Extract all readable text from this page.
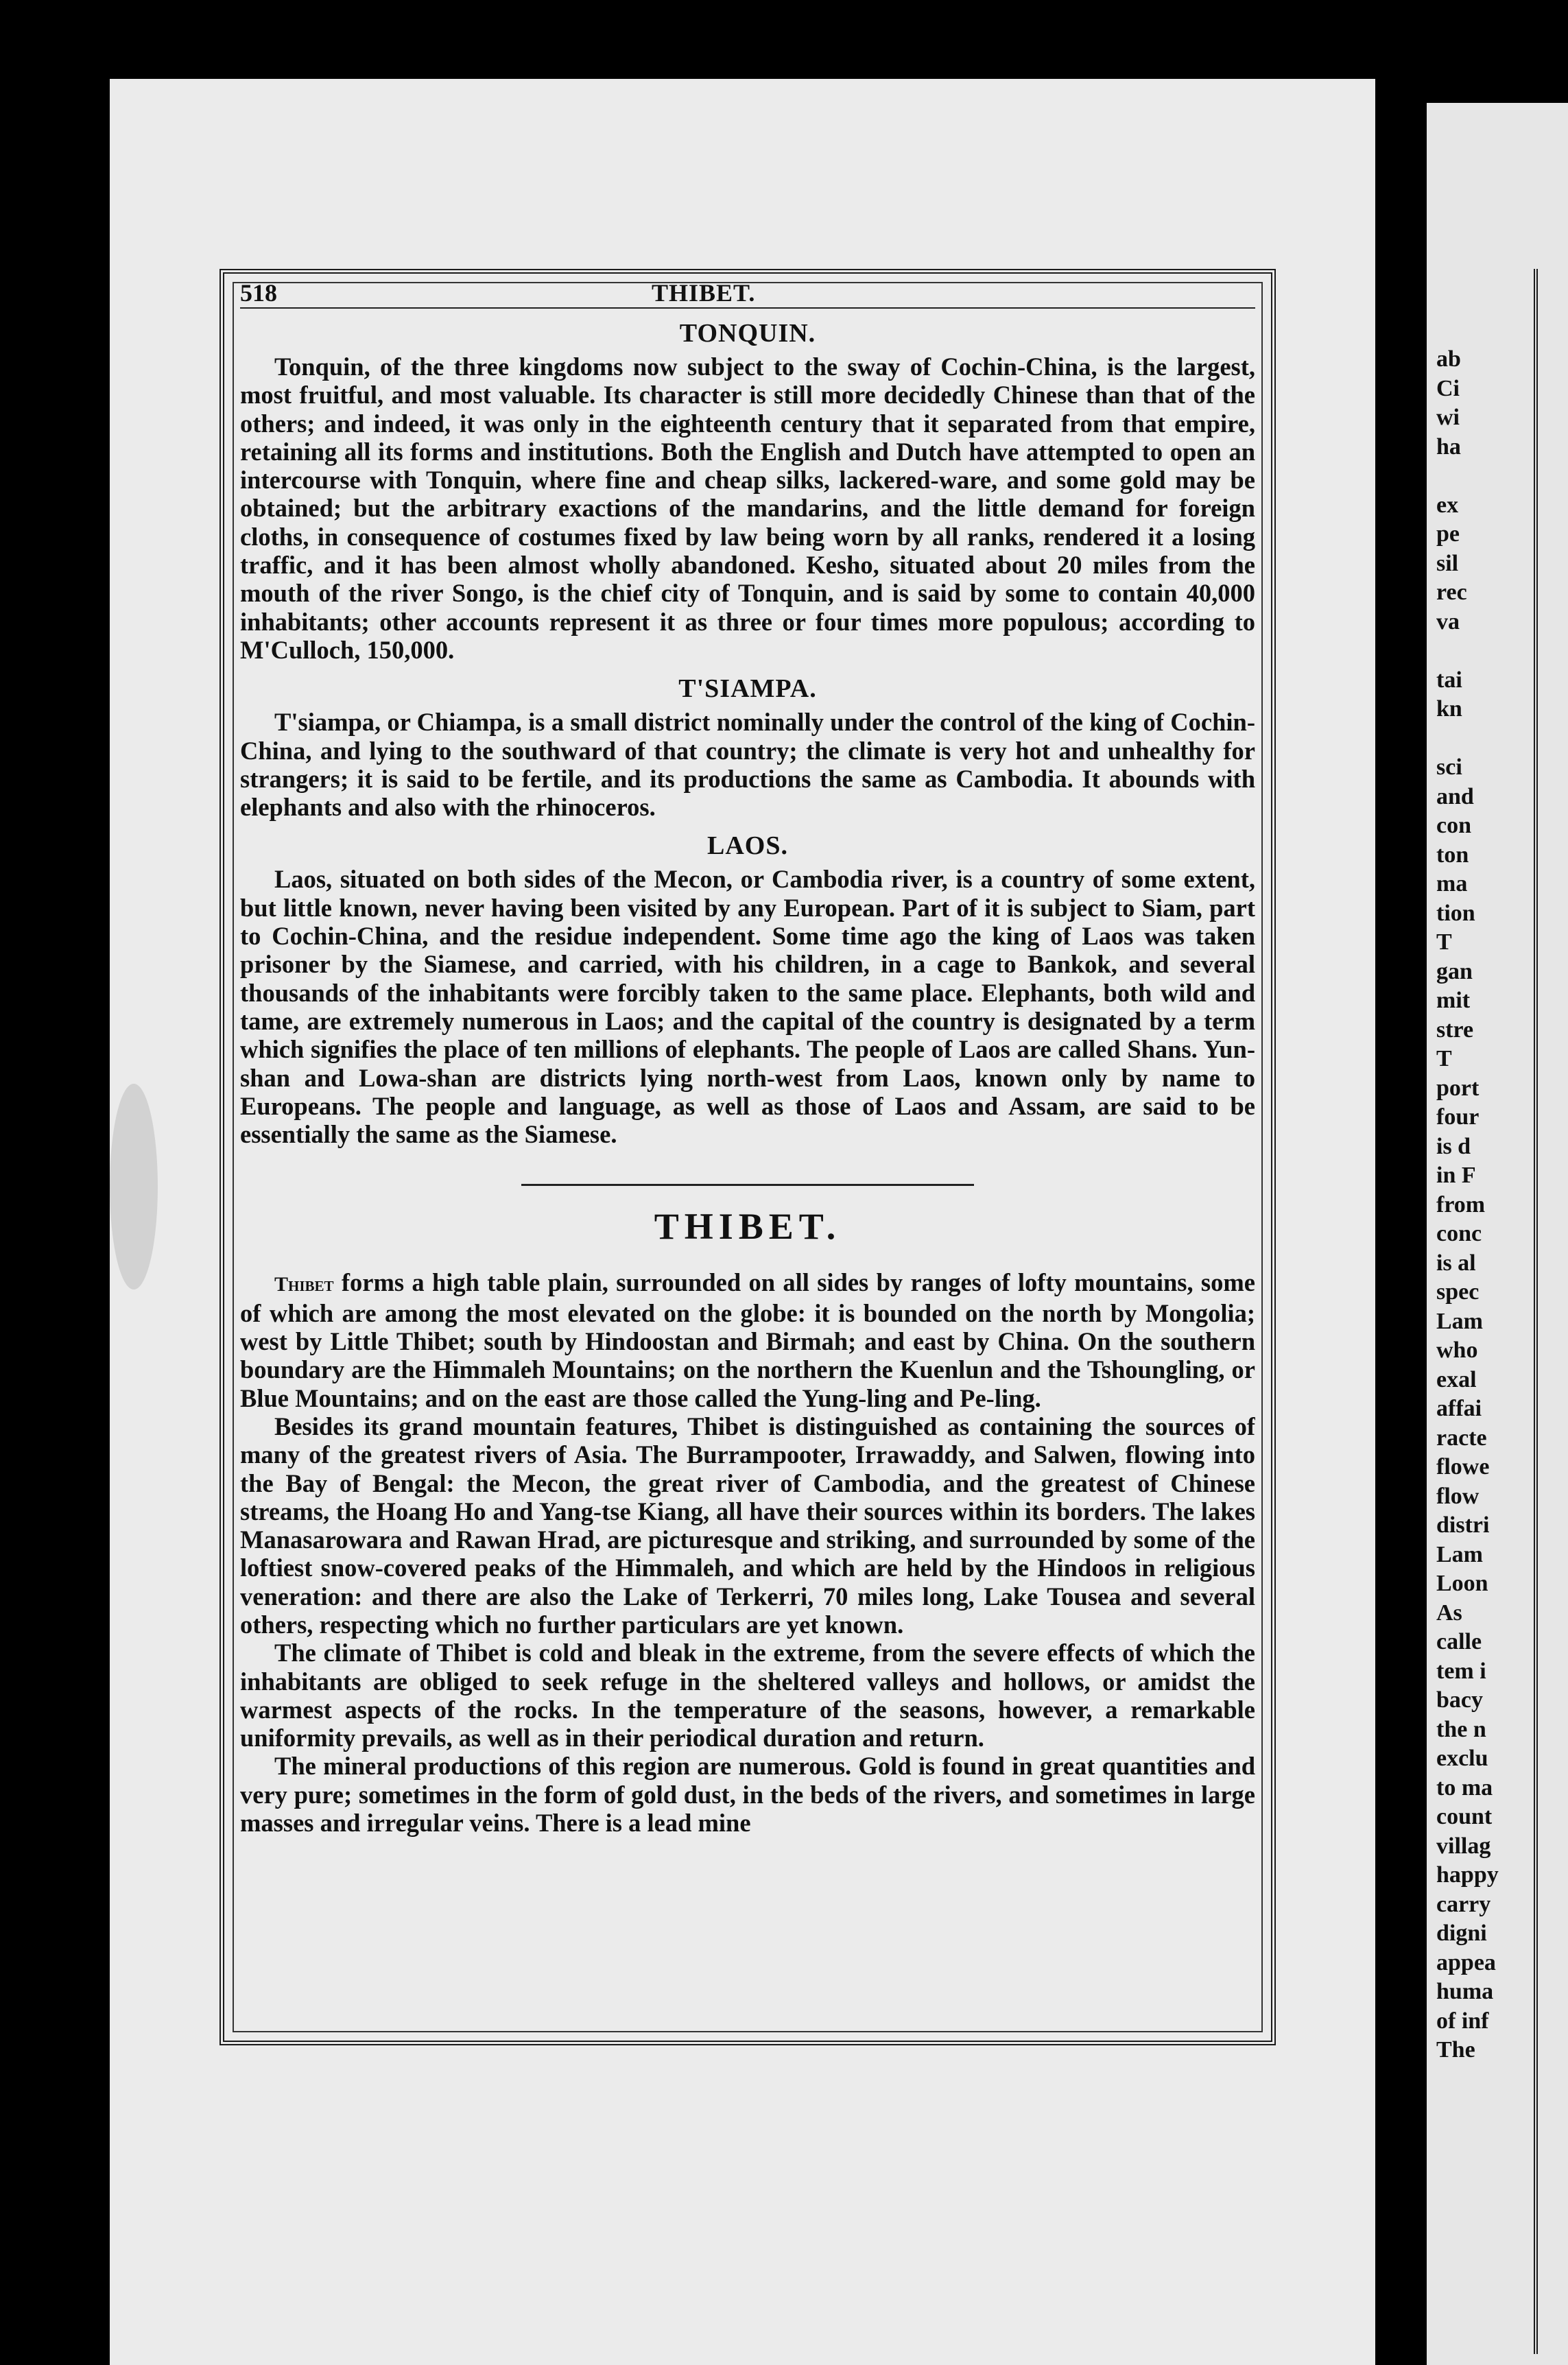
ab
Ci
wi
ha
ex
pe
sil
rec
va
tai
kn
sci
and
con
ton
ma
tion
T
gan
mit
stre
T
port
four
is d
in F
from
conc
is al
spec
Lam
who
exal
affai
racte
flowe
flow
distri
Lam
Loon
As
calle
tem i
bacy
the n
exclu
to ma
count
villag
happy
carry
digni
appea
huma
of inf
The
518	THIBET.
TONQUIN.

Tonquin, of the three kingdoms now subject to the sway of Cochin-China, is the largest, most fruitful, and most valuable. Its character is still more decidedly Chinese than that of the others; and indeed, it was only in the eighteenth century that it separated from that empire, retaining all its forms and institutions. Both the English and Dutch have attempted to open an intercourse with Tonquin, where fine and cheap silks, lackered-ware, and some gold may be obtained; but the arbitrary exactions of the mandarins, and the little demand for foreign cloths, in consequence of costumes fixed by law being worn by all ranks, rendered it a losing traffic, and it has been almost wholly abandoned. Kesho, situated about 20 miles from the mouth of the river Songo, is the chief city of Tonquin, and is said by some to contain 40,000 inhabitants; other accounts represent it as three or four times more populous; according to M'Culloch, 150,000.

T'SIAMPA.

T'siampa, or Chiampa, is a small district nominally under the control of the king of Cochin-China, and lying to the southward of that country; the climate is very hot and unhealthy for strangers; it is said to be fertile, and its productions the same as Cambodia. It abounds with elephants and also with the rhinoceros.

LAOS.

Laos, situated on both sides of the Mecon, or Cambodia river, is a country of some extent, but little known, never having been visited by any European. Part of it is subject to Siam, part to Cochin-China, and the residue independent. Some time ago the king of Laos was taken prisoner by the Siamese, and carried, with his children, in a cage to Bankok, and several thousands of the inhabitants were forcibly taken to the same place. Elephants, both wild and tame, are extremely numerous in Laos; and the capital of the country is designated by a term which signifies the place of ten millions of elephants. The people of Laos are called Shans. Yun-shan and Lowa-shan are districts lying north-west from Laos, known only by name to Europeans. The people and language, as well as those of Laos and Assam, are said to be essentially the same as the Siamese.

THIBET.

Thibet forms a high table plain, surrounded on all sides by ranges of lofty mountains, some of which are among the most elevated on the globe: it is bounded on the north by Mongolia; west by Little Thibet; south by Hindoostan and Birmah; and east by China. On the southern boundary are the Himmaleh Mountains; on the northern the Kuenlun and the Tshoungling, or Blue Mountains; and on the east are those called the Yung-ling and Pe-ling.

Besides its grand mountain features, Thibet is distinguished as containing the sources of many of the greatest rivers of Asia. The Burrampooter, Irrawaddy, and Salwen, flowing into the Bay of Bengal: the Mecon, the great river of Cambodia, and the greatest of Chinese streams, the Hoang Ho and Yang-tse Kiang, all have their sources within its borders. The lakes Manasarowara and Rawan Hrad, are picturesque and striking, and surrounded by some of the loftiest snow-covered peaks of the Himmaleh, and which are held by the Hindoos in religious veneration: and there are also the Lake of Terkerri, 70 miles long, Lake Tousea and several others, respecting which no further particulars are yet known.

The climate of Thibet is cold and bleak in the extreme, from the severe effects of which the inhabitants are obliged to seek refuge in the sheltered valleys and hollows, or amidst the warmest aspects of the rocks. In the temperature of the seasons, however, a remarkable uniformity prevails, as well as in their periodical duration and return.

The mineral productions of this region are numerous. Gold is found in great quantities and very pure; sometimes in the form of gold dust, in the beds of the rivers, and sometimes in large masses and irregular veins. There is a lead mine
